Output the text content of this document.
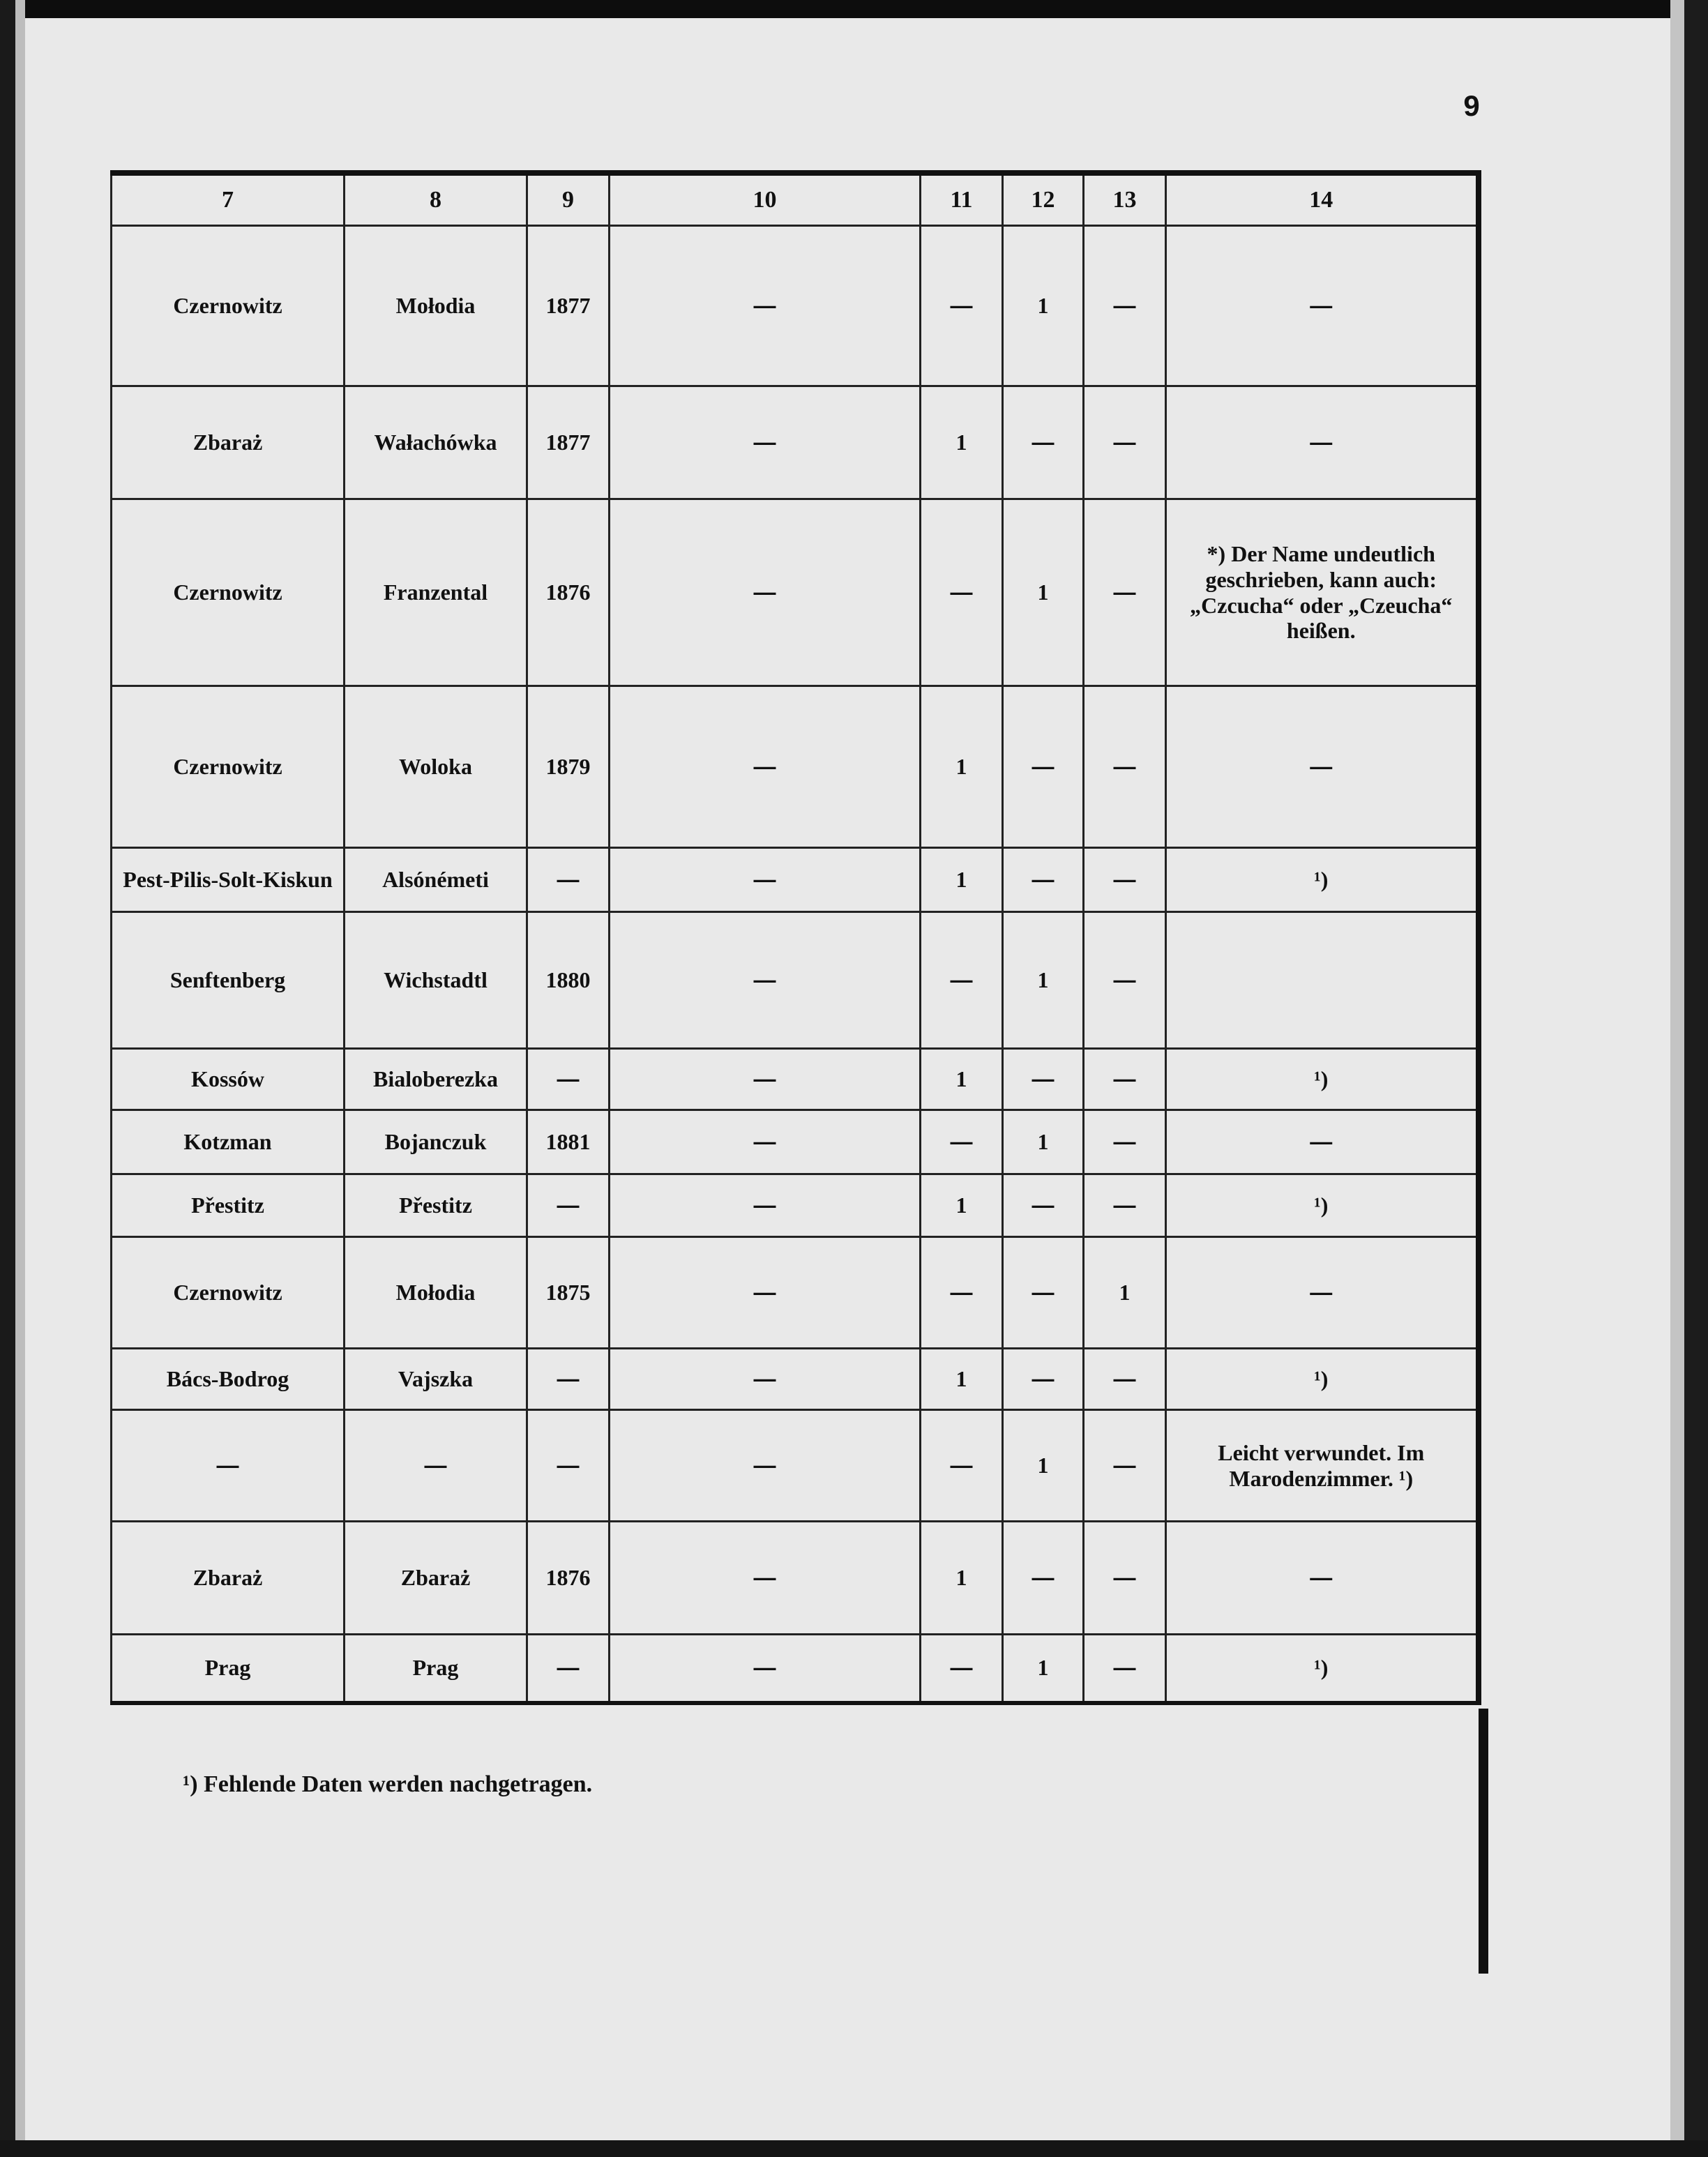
9
7	8	9	10	11	12	13	14
Czernowitz	Mołodia	1877	—	—	1	—	—
Zbaraż	Wałachówka	1877	—	1	—	—	—
Czernowitz	Franzental	1876	—	—	1	—	*) Der Name undeutlich geschrieben, kann auch: „Czcucha“ oder „Czeucha“ heißen.
Czernowitz	Woloka	1879	—	1	—	—	—
Pest-Pilis-Solt-Kiskun	Alsónémeti	—	—	1	—	—	¹)
Senftenberg	Wichstadtl	1880	—	—	1	—	
Kossów	Bialoberezka	—	—	1	—	—	¹)
Kotzman	Bojanczuk	1881	—	—	1	—	—
Přestitz	Přestitz	—	—	1	—	—	¹)
Czernowitz	Mołodia	1875	—	—	—	1	—
Bács-Bodrog	Vajszka	—	—	1	—	—	¹)
—	—	—	—	—	1	—	Leicht verwundet. Im Marodenzimmer. ¹)
Zbaraż	Zbaraż	1876	—	1	—	—	—
Prag	Prag	—	—	—	1	—	¹)
¹) Fehlende Daten werden nachgetragen.
